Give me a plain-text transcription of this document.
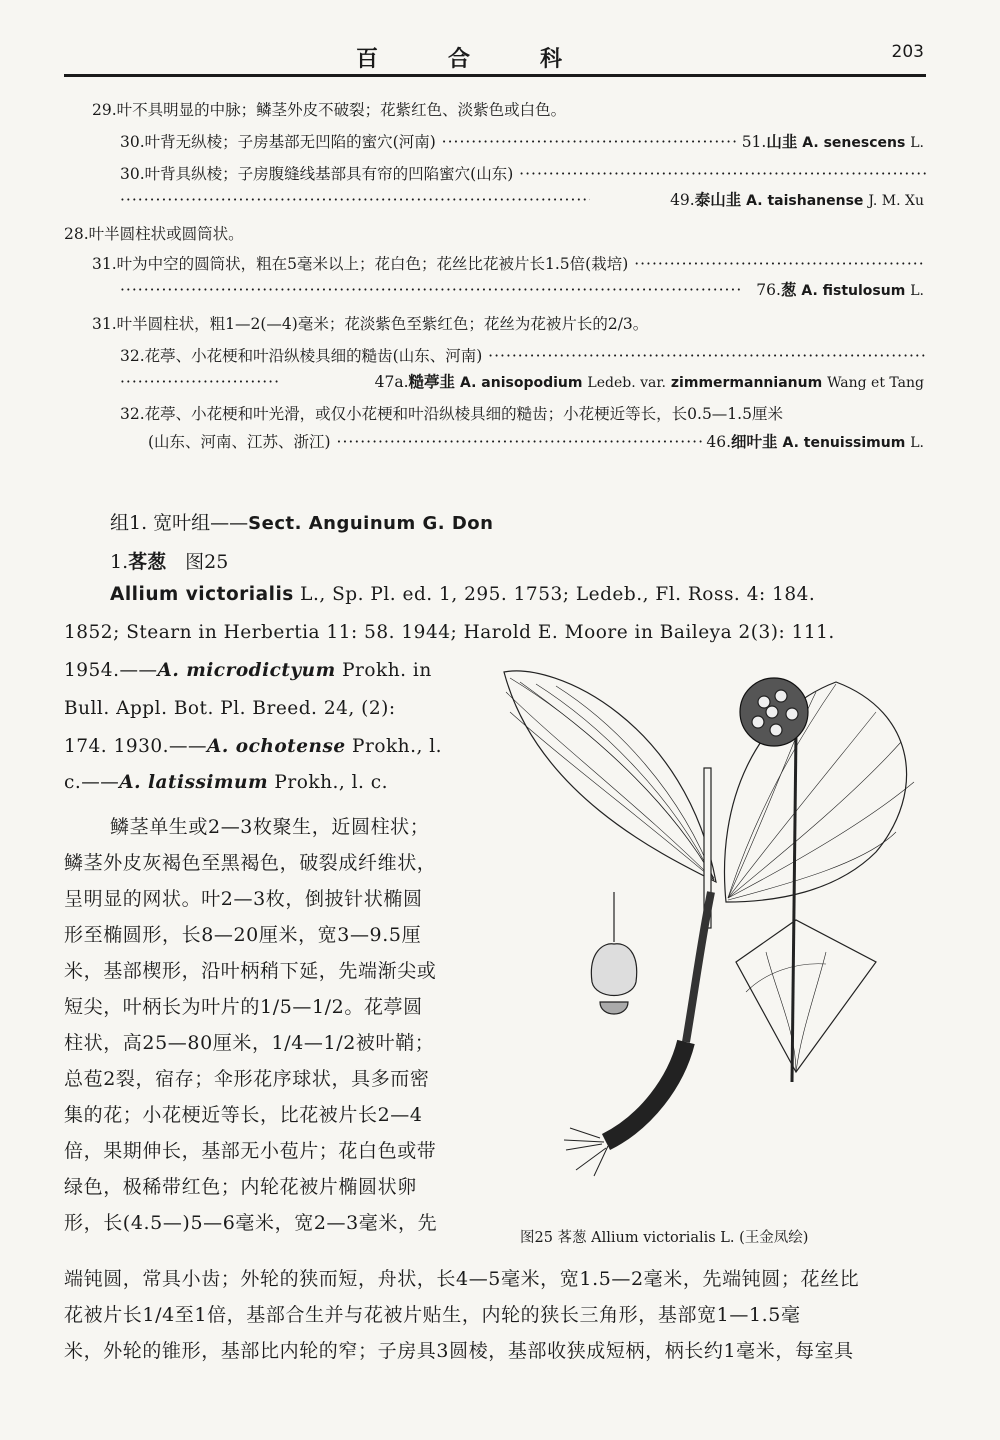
百合科	203
29.叶不具明显的中脉；鳞茎外皮不破裂；花紫红色、淡紫色或白色。
30.叶背无纵棱；子房基部无凹陷的蜜穴(河南) ·····	51.山韭 A. senescens L.
30.叶背具纵棱；子房腹缝线基部具有帘的凹陷蜜穴(山东) ·····
·····
49.泰山韭 A. taishanense J. M. Xu
28.叶半圆柱状或圆筒状。
31.叶为中空的圆筒状，粗在5毫米以上；花白色；花丝比花被片长1.5倍(栽培) ·····
·····
76.葱 A. fistulosum L.
31.叶半圆柱状，粗1—2(—4)毫米；花淡紫色至紫红色；花丝为花被片长的2/3。
32.花葶、小花梗和叶沿纵棱具细的糙齿(山东、河南) ·····
·····
47a.糙葶韭 A. anisopodium Ledeb. var. zimmermannianum Wang et Tang
32.花葶、小花梗和叶光滑，或仅小花梗和叶沿纵棱具细的糙齿；小花梗近等长，长0.5—1.5厘米
(山东、河南、江苏、浙江) ·····	46.细叶韭 A. tenuissimum L.
组1. 宽叶组——Sect. Anguinum G. Don
1.茖葱　 图25
Allium victorialis L., Sp. Pl. ed. 1, 295. 1753; Ledeb., Fl. Ross. 4: 184.
1852; Stearn in Herbertia 11: 58. 1944; Harold E. Moore in Baileya 2(3): 111.
1954.——A. microdictyum Prokh. in
Bull. Appl. Bot. Pl. Breed. 24, (2):
174. 1930.——A. ochotense Prokh., l.
c.——A. latissimum Prokh., l. c.
鳞茎单生或2—3枚聚生，近圆柱状；
鳞茎外皮灰褐色至黑褐色，破裂成纤维状，
呈明显的网状。叶2—3枚，倒披针状椭圆
形至椭圆形，长8—20厘米，宽3—9.5厘
米，基部楔形，沿叶柄稍下延，先端渐尖或
短尖，叶柄长为叶片的1/5—1/2。花葶圆
柱状，高25—80厘米，1/4—1/2被叶鞘；
总苞2裂，宿存；伞形花序球状，具多而密
集的花；小花梗近等长，比花被片长2—4
倍，果期伸长，基部无小苞片；花白色或带
绿色，极稀带红色；内轮花被片椭圆状卵
形，长(4.5—)5—6毫米，宽2—3毫米，先
端钝圆，常具小齿；外轮的狭而短，舟状，长4—5毫米，宽1.5—2毫米，先端钝圆；花丝比
花被片长1/4至1倍，基部合生并与花被片贴生，内轮的狭长三角形，基部宽1—1.5毫
米，外轮的锥形，基部比内轮的窄；子房具3圆棱，基部收狭成短柄，柄长约1毫米，每室具
图25 茖葱 Allium victorialis L. (王金凤绘)
